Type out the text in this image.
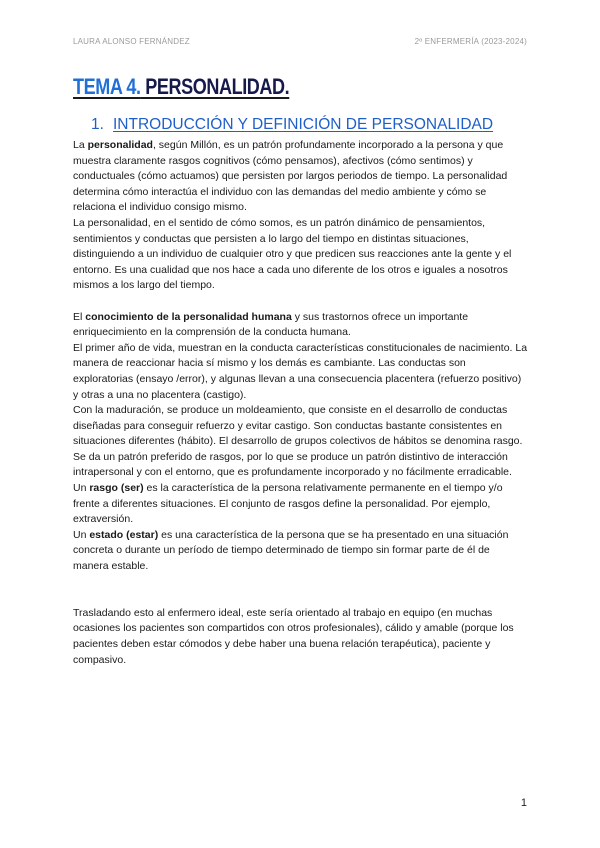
LAURA ALONSO FERNÁNDEZ	2º ENFERMERÍA (2023-2024)
TEMA 4. PERSONALIDAD.
1. INTRODUCCIÓN Y DEFINICIÓN DE PERSONALIDAD

La personalidad, según Millón, es un patrón profundamente incorporado a la persona y que muestra claramente rasgos cognitivos (cómo pensamos), afectivos (cómo sentimos) y conductuales (cómo actuamos) que persisten por largos periodos de tiempo. La personalidad determina cómo interactúa el individuo con las demandas del medio ambiente y cómo se relaciona el individuo consigo mismo.

La personalidad, en el sentido de cómo somos, es un patrón dinámico de pensamientos, sentimientos y conductas que persisten a lo largo del tiempo en distintas situaciones, distinguiendo a un individuo de cualquier otro y que predicen sus reacciones ante la gente y el entorno. Es una cualidad que nos hace a cada uno diferente de los otros e iguales a nosotros mismos a los largo del tiempo.

El conocimiento de la personalidad humana y sus trastornos ofrece un importante enriquecimiento en la comprensión de la conducta humana.

El primer año de vida, muestran en la conducta características constitucionales de nacimiento. La manera de reaccionar hacia sí mismo y los demás es cambiante. Las conductas son exploratorias (ensayo /error), y algunas llevan a una consecuencia placentera (refuerzo positivo) y otras a una no placentera (castigo).

Con la maduración, se produce un moldeamiento, que consiste en el desarrollo de conductas diseñadas para conseguir refuerzo y evitar castigo. Son conductas bastante consistentes en situaciones diferentes (hábito). El desarrollo de grupos colectivos de hábitos se denomina rasgo. Se da un patrón preferido de rasgos, por lo que se produce un patrón distintivo de interacción intrapersonal y con el entorno, que es profundamente incorporado y no fácilmente erradicable.

Un rasgo (ser) es la característica de la persona relativamente permanente en el tiempo y/o frente a diferentes situaciones. El conjunto de rasgos define la personalidad. Por ejemplo, extraversión.

Un estado (estar) es una característica de la persona que se ha presentado en una situación concreta o durante un período de tiempo determinado de tiempo sin formar parte de él de manera estable.

Trasladando esto al enfermero ideal, este sería orientado al trabajo en equipo (en muchas ocasiones los pacientes son compartidos con otros profesionales), cálido y amable (porque los pacientes deben estar cómodos y debe haber una buena relación terapéutica), paciente y compasivo.

1
